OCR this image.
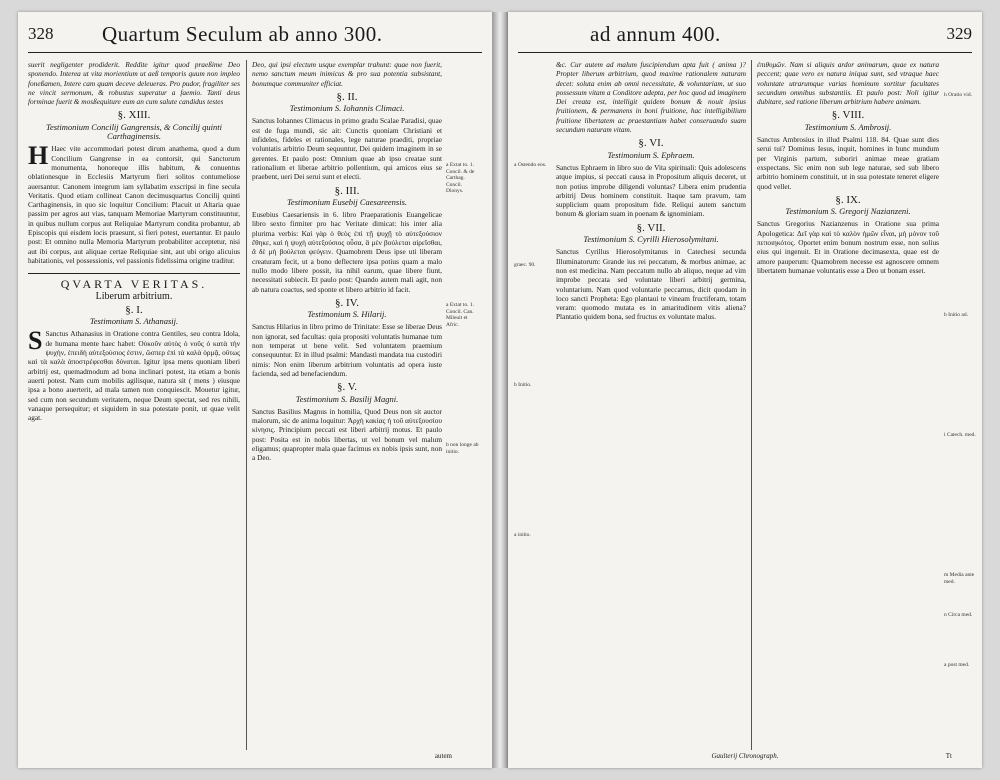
328 Quartum Seculum ab anno 300.

suerit negligenter prodiderit. Reddite igitur quod praeßime Deo sponendo. Interea ut vita morientium ut aeß temporis quum non impleo foneßamen, Intere cam quam deceve deleueras. Pro pudor, fragiliter ses ne vincit sermonum, & robustus superatur a faemio. Tanti deus forminae fuerit & mosßequiture eum an cum salute candidus testes

§. XIII.
Testimonium Concilij Gangrensis, & Concilij quinti Carthaginensis.

H Haec vite accommodari potest dirum anathema, quod a dum Concilium Gangrense in ea contorsit, qui Sanctorum monumenta, honoreque illis habitum, & conuentus oblationesque in Ecclesiis Martyrum fieri solitos contumeliose auersantur. Canonem integrum iam syllabatim exscripsi in fine secula Veritatis. Quod etiam collineat Canon decimusquartus Concilij quinti Carthaginensis, in quo sic loquitur Concilium: Placuit ut Altaria quae passim per agros aut vias, tanquam Memoriae Martyrum constituuntur, in quibus nullum corpus aut Reliquiae Martyrum condita probantur, ab Episcopis qui eisdem locis praesunt, si fieri potest, euertantur. Et paulo post: Et omnino nulla Memoria Martyrum probabiliter acceptetur, nisi aut ibi corpus, aut aliquae certae Reliquiae sint, aut ubi origo alicuius habitationis, vel possessionis, vel passionis fidelissima origine traditur.

QVARTA VERITAS.
Liberum arbitrium.
§. I.
Testimonium S. Athanasij.

S Sanctus Athanasius in Oratione contra Gentiles, seu contra Idola, de humana mente haec habet: Οὐκοῦν αὐτὸς ὁ νοῦς ὁ κατὰ τὴν ψυχὴν, ἐπειδὴ αὐτεξούσιος ἐστιν, ὥσπερ ἐπὶ τὰ καλὰ ὁρμᾷ, οὕτως καὶ τὰ καλὰ ἀποστρέφεσθαι δύναται. Igitur ipsa mens quoniam liberi arbitrij est, quemadmodum ad bona inclinari potest, ita etiam a bonis auerti potest. Nam cum mobilis agilisque, natura sit ( mens ) eiusque ipsa a bono auerterit, ad mala tamen non conquiescit. Mouetur igitur, sed cum non secundum veritatem, neque Deum spectat, sed res nihili, vanaque persequitur; et siquidem in sua potestate ponit, ut quae velit agat.

Deo, qui ipsi electum usque exemplar trahunt: quae non fuerit, nemo sanctum meum inimicus & pro sua potentia subsistant, bonumque communiter efficiat.

§. II.
Testimonium S. Iohannis Climaci.

Sanctus Iohannes Climacus in primo gradu Scalae Paradisi, quae est de fuga mundi, sic ait: Cunctis quoniam Christiani et infideles, fideles et rationales, lege naturae praediti, propriae voluntatis arbitrio Deum sequuntur, Dei quidem imaginem in se gerentes. Et paulo post: Omnium quae ab ipso creatae sunt rationalium et liberae arbitrio pollentium, qui amicos eius se praebent, ueri Dei serui sunt et electi.

§. III.
Testimonium Eusebij Caesareensis.

Eusebius Caesariensis in 6. libro Praeparationis Euangelicae libro sexto firmiter pro hac Veritate dimicat: his inter alia plurima verbis: Καὶ γὰρ ὁ θεὸς ἐπὶ τῇ ψυχῇ τὸ αὐτεξούσιον ἔθηκε, καὶ ἡ ψυχὴ αὐτεξούσιος οὖσα, ἃ μὲν βούλεται αἱρεῖσθαι, ἃ δὲ μὴ βούλεται φεύγειν. Quamobrem Deus ipse uti liberam creaturam fecit, ut a bono deflectere ipsa potius quam a malo nullo modo libere possit, ita nihil earum, quae libere fiunt, necessitati subiecit. Et paulo post: Quando autem mali agit, non ab natura coactus, sed sponte et libero arbitrio id facit.

§. IV.
Testimonium S. Hilarij.

Sanctus Hilarius in libro primo de Trinitate: Esse se liberae Deus non ignorat, sed facultas: quia propositi voluntatis humanae tum non temperat ut bene velit. Sed voluntatem praemium consequuntur. Et in illud psalmi: Mandasti mandata tua custodiri nimis: Non enim liberum arbitrium voluntatis ad opera iuste facienda, sed ad benefaciendum.

§. V.
Testimonium S. Basilij Magni.

Sanctus Basilius Magnus in homilia, Quod Deus non sit auctor malorum, sic de anima loquitur: Ἀρχὴ κακίας ἡ τοῦ αὐτεξουσίου κίνησις. Principium peccati est liberi arbitrij motus. Et paulo post: Posita est in nobis libertas, ut vel bonum vel malum eligamus; quapropter mala quae facimus ex nobis ipsis sunt, non a Deo.

a Extat to. 1. Concil. & de Carthag. Concil. Dionys.
a Extat to. 1. Concil. Can. Mileuit et Afric.
b non longe ab initio.
autem
ad annum 400.	329

&c. Cur autem ad malum fuscipiendum apta fuit ( anima )? Propter liberum arbitrium, quod maxime rationalem naturam decet: soluta enim ab omni necessitate, & voluntariam, ut suo possessum vitam a Conditore adepta, per hoc quod ad imaginem Dei creata est, intelligit quidem bonum & nouit ipsius fruitionem, & permanens in boni fruitione, hac intelligibilium fruitione libertatem ac praestantiam habet conseruando suam secundum naturam vitam.

§. VI.
Testimonium S. Ephraem.

Sanctus Ephraem in libro suo de Vita spirituali: Quis adolescens atque impius, si peccati causa in Propositum aliquis deceret, ut non potius improbe diligendi voluntas? Libera enim prudentia arbitrij Deus hominem constituit. Itaque tam pravum, tam supplicium quam propositum fide. Reliqui autem sanctum bonum & gloriam suam in poenam & ignominiam.

§. VII.
Testimonium S. Cyrilli Hierosolymitani.

Sanctus Cyrillus Hierosolymitanus in Catechesi secunda Illuminatorum: Grande ius rei peccatum, & morbus animae, ac non est medicina. Nam peccatum nullo ab aliquo, neque ad vim improbe peccata sed voluntate liberi arbitrij germina, voluntarium. Nam quod voluntarie peccamus, dicit quodam in loco sancti Propheta: Ego plantaui te vineam fructiferam, totam veram: quomodo mutata es in amaritudinem vitis aliena? Plantatio quidem bona, sed fructus ex voluntate malus.

ἐπιθυμῶν. Nam si aliquis ardor animarum, quae ex natura peccent; quae vero ex natura iniqua sunt, sed vtraque haec voluntate utrarumque varias hominum sortitur facultates secundum omnibus substantiis. Et paulo post: Noli igitur dubitare, sed ratione liberum arbitrium habere animam.

§. VIII.
Testimonium S. Ambrosij.

Sanctus Ambrosius in illud Psalmi 118. 84. Quae sunt dies serui tui? Dominus Iesus, inquit, homines in hunc mundum per Virginis partum, suboriri animae meae gratiam exspectans. Sic enim non sub lege naturae, sed sub libero arbitrio hominem constituit, ut in sua potestate teneret eligere quod vellet.

§. IX.
Testimonium S. Gregorij Nazianzeni.

Sanctus Gregorius Nazianzenus in Oratione sua prima Apologetica: Δεῖ γὰρ καὶ τὸ καλὸν ἡμῶν εἶναι, μὴ μόνον τοῦ πεποιηκότος. Oportet enim bonum nostrum esse, non solius eius qui ingenuit. Et in Oratione decimasexta, quae est de amore pauperum: Quamobrem necesse est agnoscere omnem libertatem humanae voluntatis esse a Deo ut bonam esset.

a Ostendo eos.
graec. 90.
b Initio.
a initio.
h Oratio vid.
i Catech. med.
m Media ante med.
n Circa med.
a post med.
b Initio ad.
Gaulterij Chronograph.	Tt
